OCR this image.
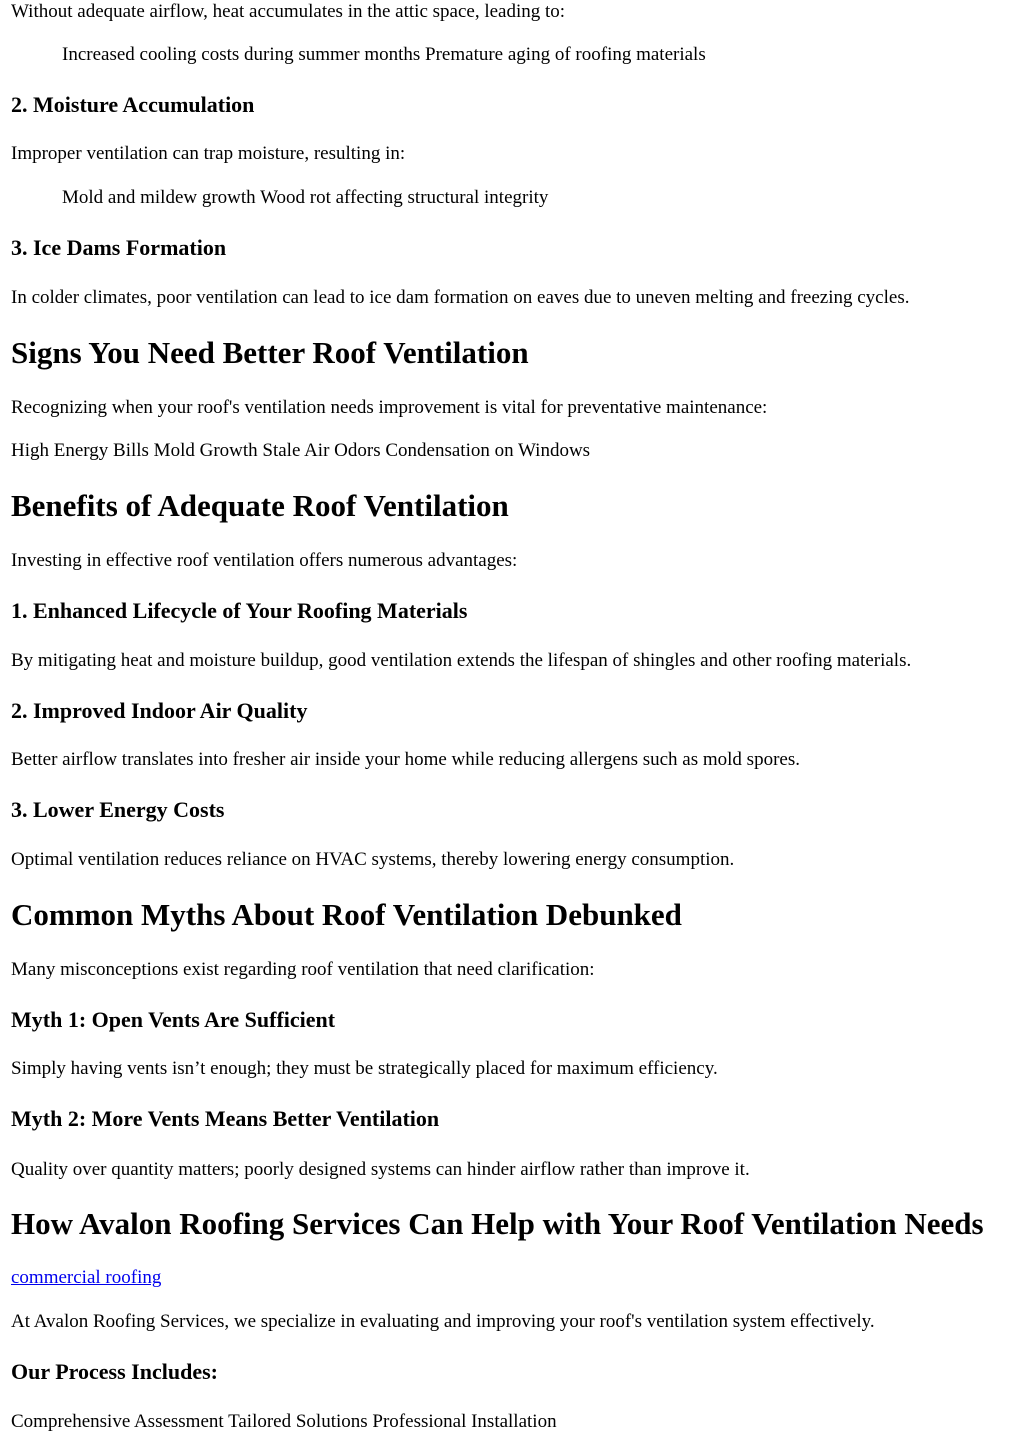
Without adequate airflow, heat accumulates in the attic space, leading to:

Increased cooling costs during summer months Premature aging of roofing materials

2. Moisture Accumulation

Improper ventilation can trap moisture, resulting in:

Mold and mildew growth Wood rot affecting structural integrity

3. Ice Dams Formation

In colder climates, poor ventilation can lead to ice dam formation on eaves due to uneven melting and freezing cycles.

Signs You Need Better Roof Ventilation

Recognizing when your roof's ventilation needs improvement is vital for preventative maintenance:

High Energy Bills Mold Growth Stale Air Odors Condensation on Windows

Benefits of Adequate Roof Ventilation

Investing in effective roof ventilation offers numerous advantages:

1. Enhanced Lifecycle of Your Roofing Materials

By mitigating heat and moisture buildup, good ventilation extends the lifespan of shingles and other roofing materials.

2. Improved Indoor Air Quality

Better airflow translates into fresher air inside your home while reducing allergens such as mold spores.

3. Lower Energy Costs

Optimal ventilation reduces reliance on HVAC systems, thereby lowering energy consumption.

Common Myths About Roof Ventilation Debunked

Many misconceptions exist regarding roof ventilation that need clarification:

Myth 1: Open Vents Are Sufficient

Simply having vents isn’t enough; they must be strategically placed for maximum efficiency.

Myth 2: More Vents Means Better Ventilation

Quality over quantity matters; poorly designed systems can hinder airflow rather than improve it.

How Avalon Roofing Services Can Help with Your Roof Ventilation Needs
commercial roofing

At Avalon Roofing Services, we specialize in evaluating and improving your roof's ventilation system effectively.

Our Process Includes:

Comprehensive Assessment Tailored Solutions Professional Installation
